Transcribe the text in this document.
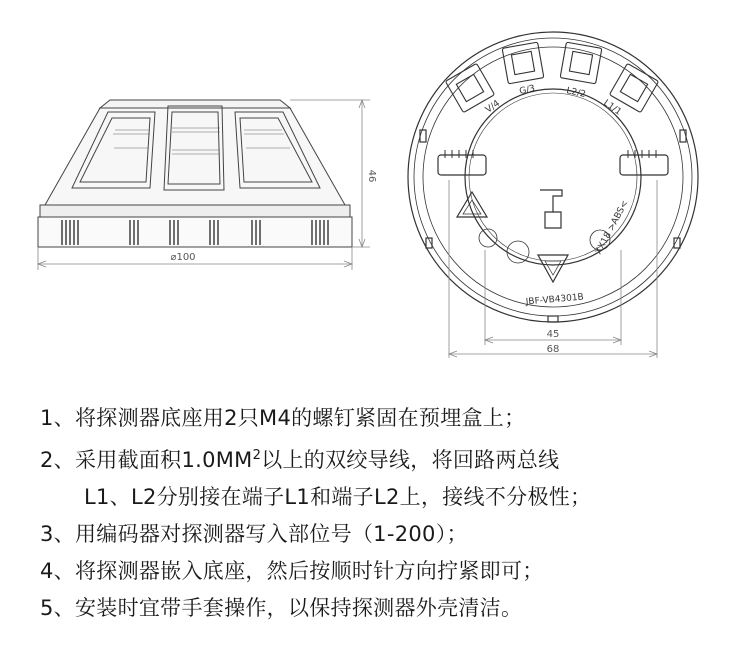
⌀100
46
V/4
G/3	L2/2
L1/1
JBF-VB4301B
XX18 >ABS<
45
68
1、将探测器底座用2只M4的螺钉紧固在预埋盒上；
2、采用截面积$1.0MM^2$以上的双绞导线，将回路两总线
L1、L2分别接在端子L1和端子L2上，接线不分极性；
3、用编码器对探测器写入部位号（1-200）；
4、将探测器嵌入底座，然后按顺时针方向拧紧即可；
5、安装时宜带手套操作，以保持探测器外壳清洁。
